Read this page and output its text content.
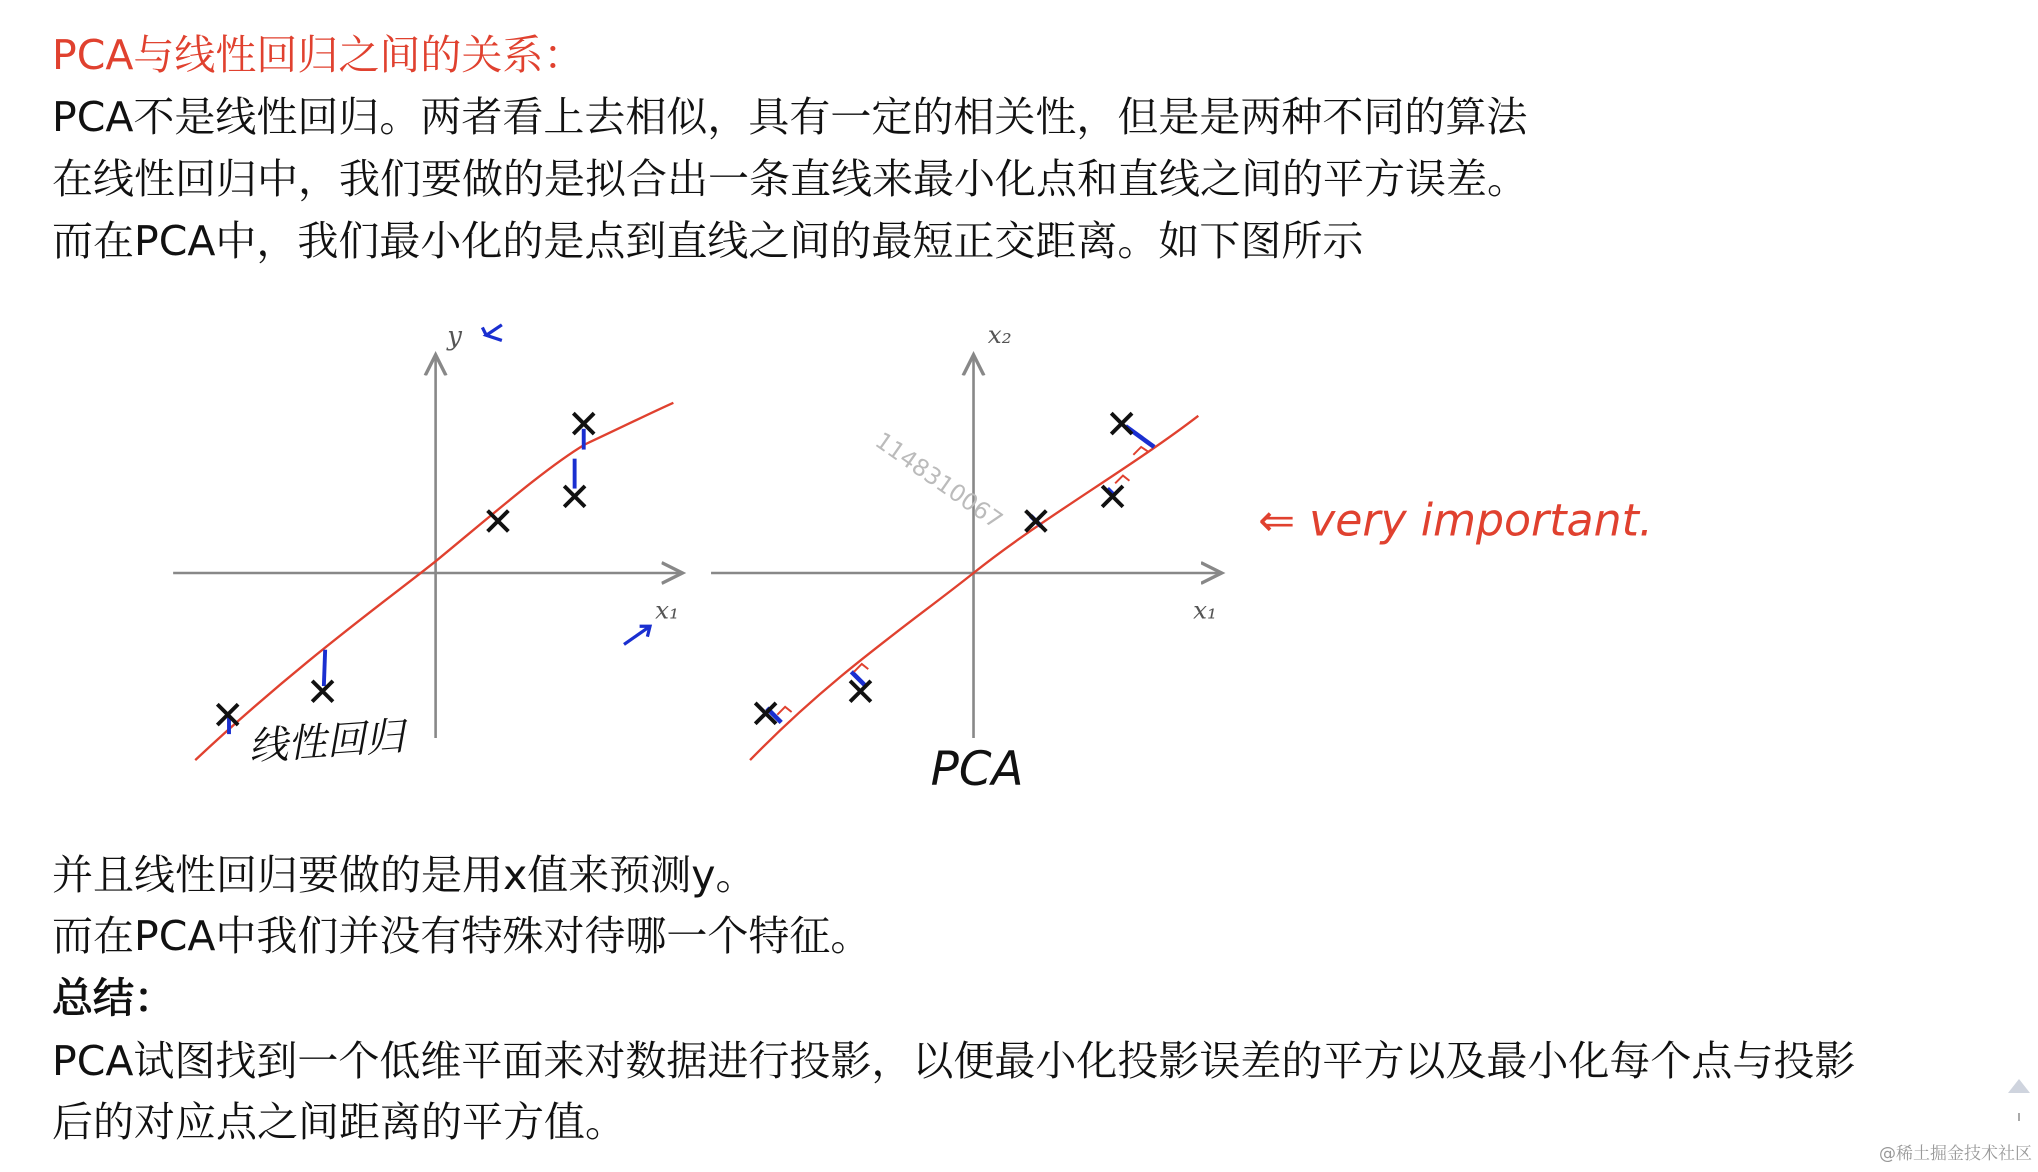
PCA与线性回归之间的关系：
PCA不是线性回归。两者看上去相似，具有一定的相关性，但是是两种不同的算法
在线性回归中，我们要做的是拟合出一条直线来最小化点和直线之间的平方误差。
而在PCA中，我们最小化的是点到直线之间的最短正交距离。如下图所示
y
x₁
线性回归
x₂
x₁
1148310067
PCA
⇐ very important.
并且线性回归要做的是用x值来预测y。
而在PCA中我们并没有特殊对待哪一个特征。
总结：
PCA试图找到一个低维平面来对数据进行投影，以便最小化投影误差的平方以及最小化每个点与投影
后的对应点之间距离的平方值。
@稀土掘金技术社区
